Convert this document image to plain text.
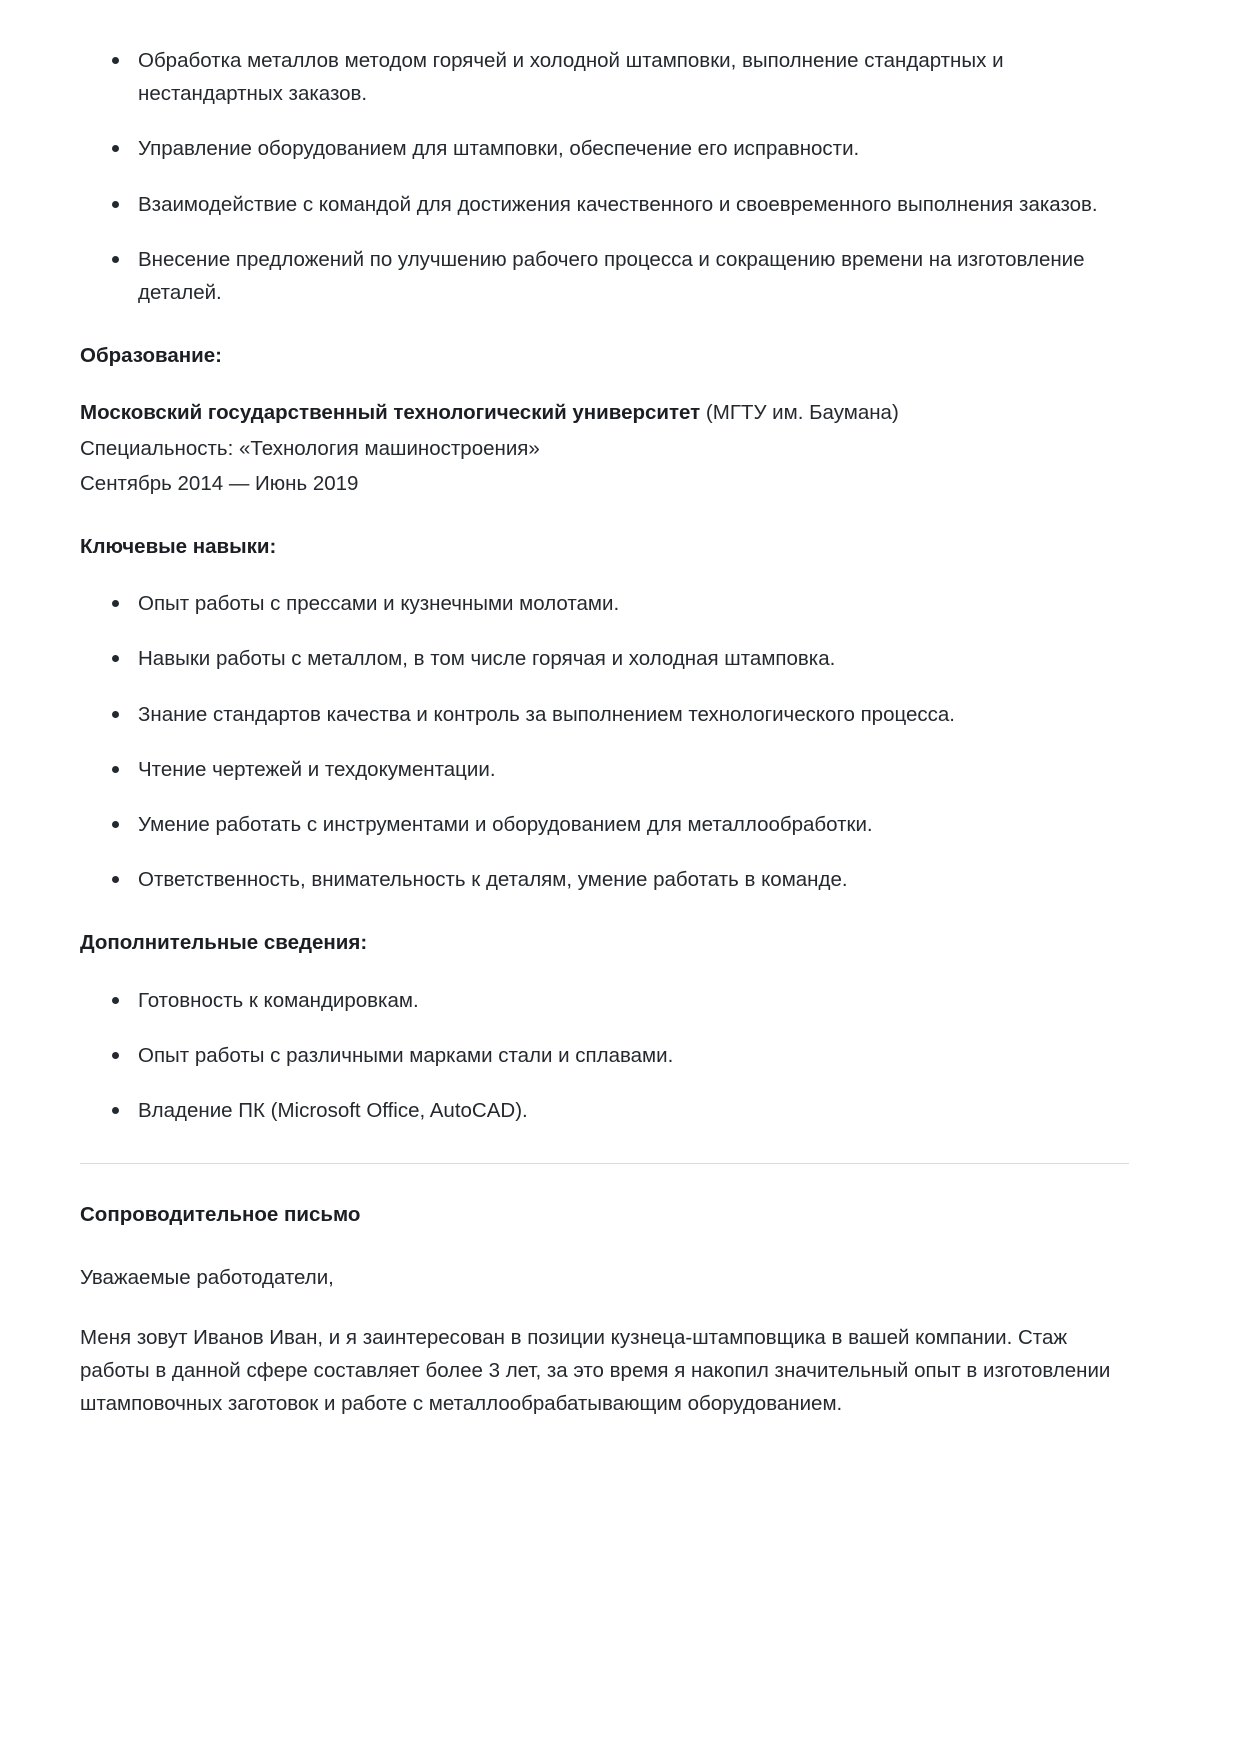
Обработка металлов методом горячей и холодной штамповки, выполнение стандартных и нестандартных заказов.
Управление оборудованием для штамповки, обеспечение его исправности.
Взаимодействие с командой для достижения качественного и своевременного выполнения заказов.
Внесение предложений по улучшению рабочего процесса и сокращению времени на изготовление деталей.
Образование:
Московский государственный технологический университет (МГТУ им. Баумана)
Специальность: «Технология машиностроения»
Сентябрь 2014 — Июнь 2019
Ключевые навыки:
Опыт работы с прессами и кузнечными молотами.
Навыки работы с металлом, в том числе горячая и холодная штамповка.
Знание стандартов качества и контроль за выполнением технологического процесса.
Чтение чертежей и техдокументации.
Умение работать с инструментами и оборудованием для металлообработки.
Ответственность, внимательность к деталям, умение работать в команде.
Дополнительные сведения:
Готовность к командировкам.
Опыт работы с различными марками стали и сплавами.
Владение ПК (Microsoft Office, AutoCAD).
Сопроводительное письмо
Уважаемые работодатели,
Меня зовут Иванов Иван, и я заинтересован в позиции кузнеца-штамповщика в вашей компании. Стаж работы в данной сфере составляет более 3 лет, за это время я накопил значительный опыт в изготовлении штамповочных заготовок и работе с металлообрабатывающим оборудованием.
